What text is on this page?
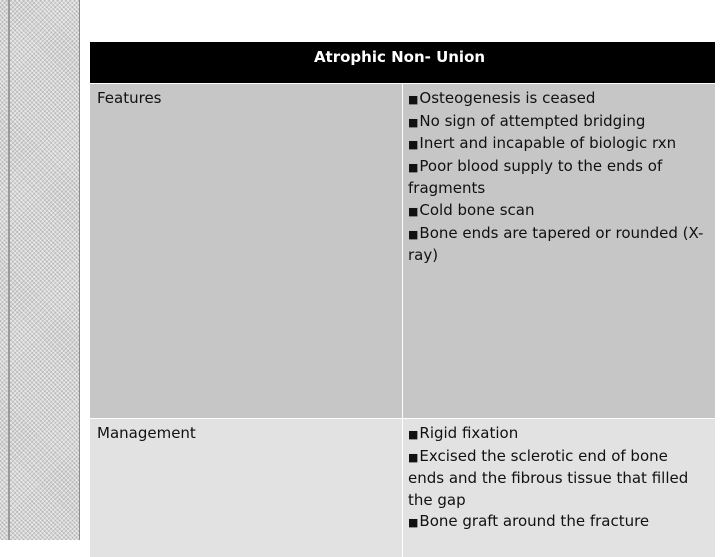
Atrophic Non- Union
Features	■Osteogenesis is ceased
■No sign of attempted bridging
■Inert and incapable of biologic rxn
■Poor blood supply to the ends of fragments
■Cold bone scan
■Bone ends are tapered or rounded (X-ray)
Management	■Rigid fixation
■Excised the sclerotic end of bone ends and the fibrous tissue that filled the gap
■Bone graft around the fracture
